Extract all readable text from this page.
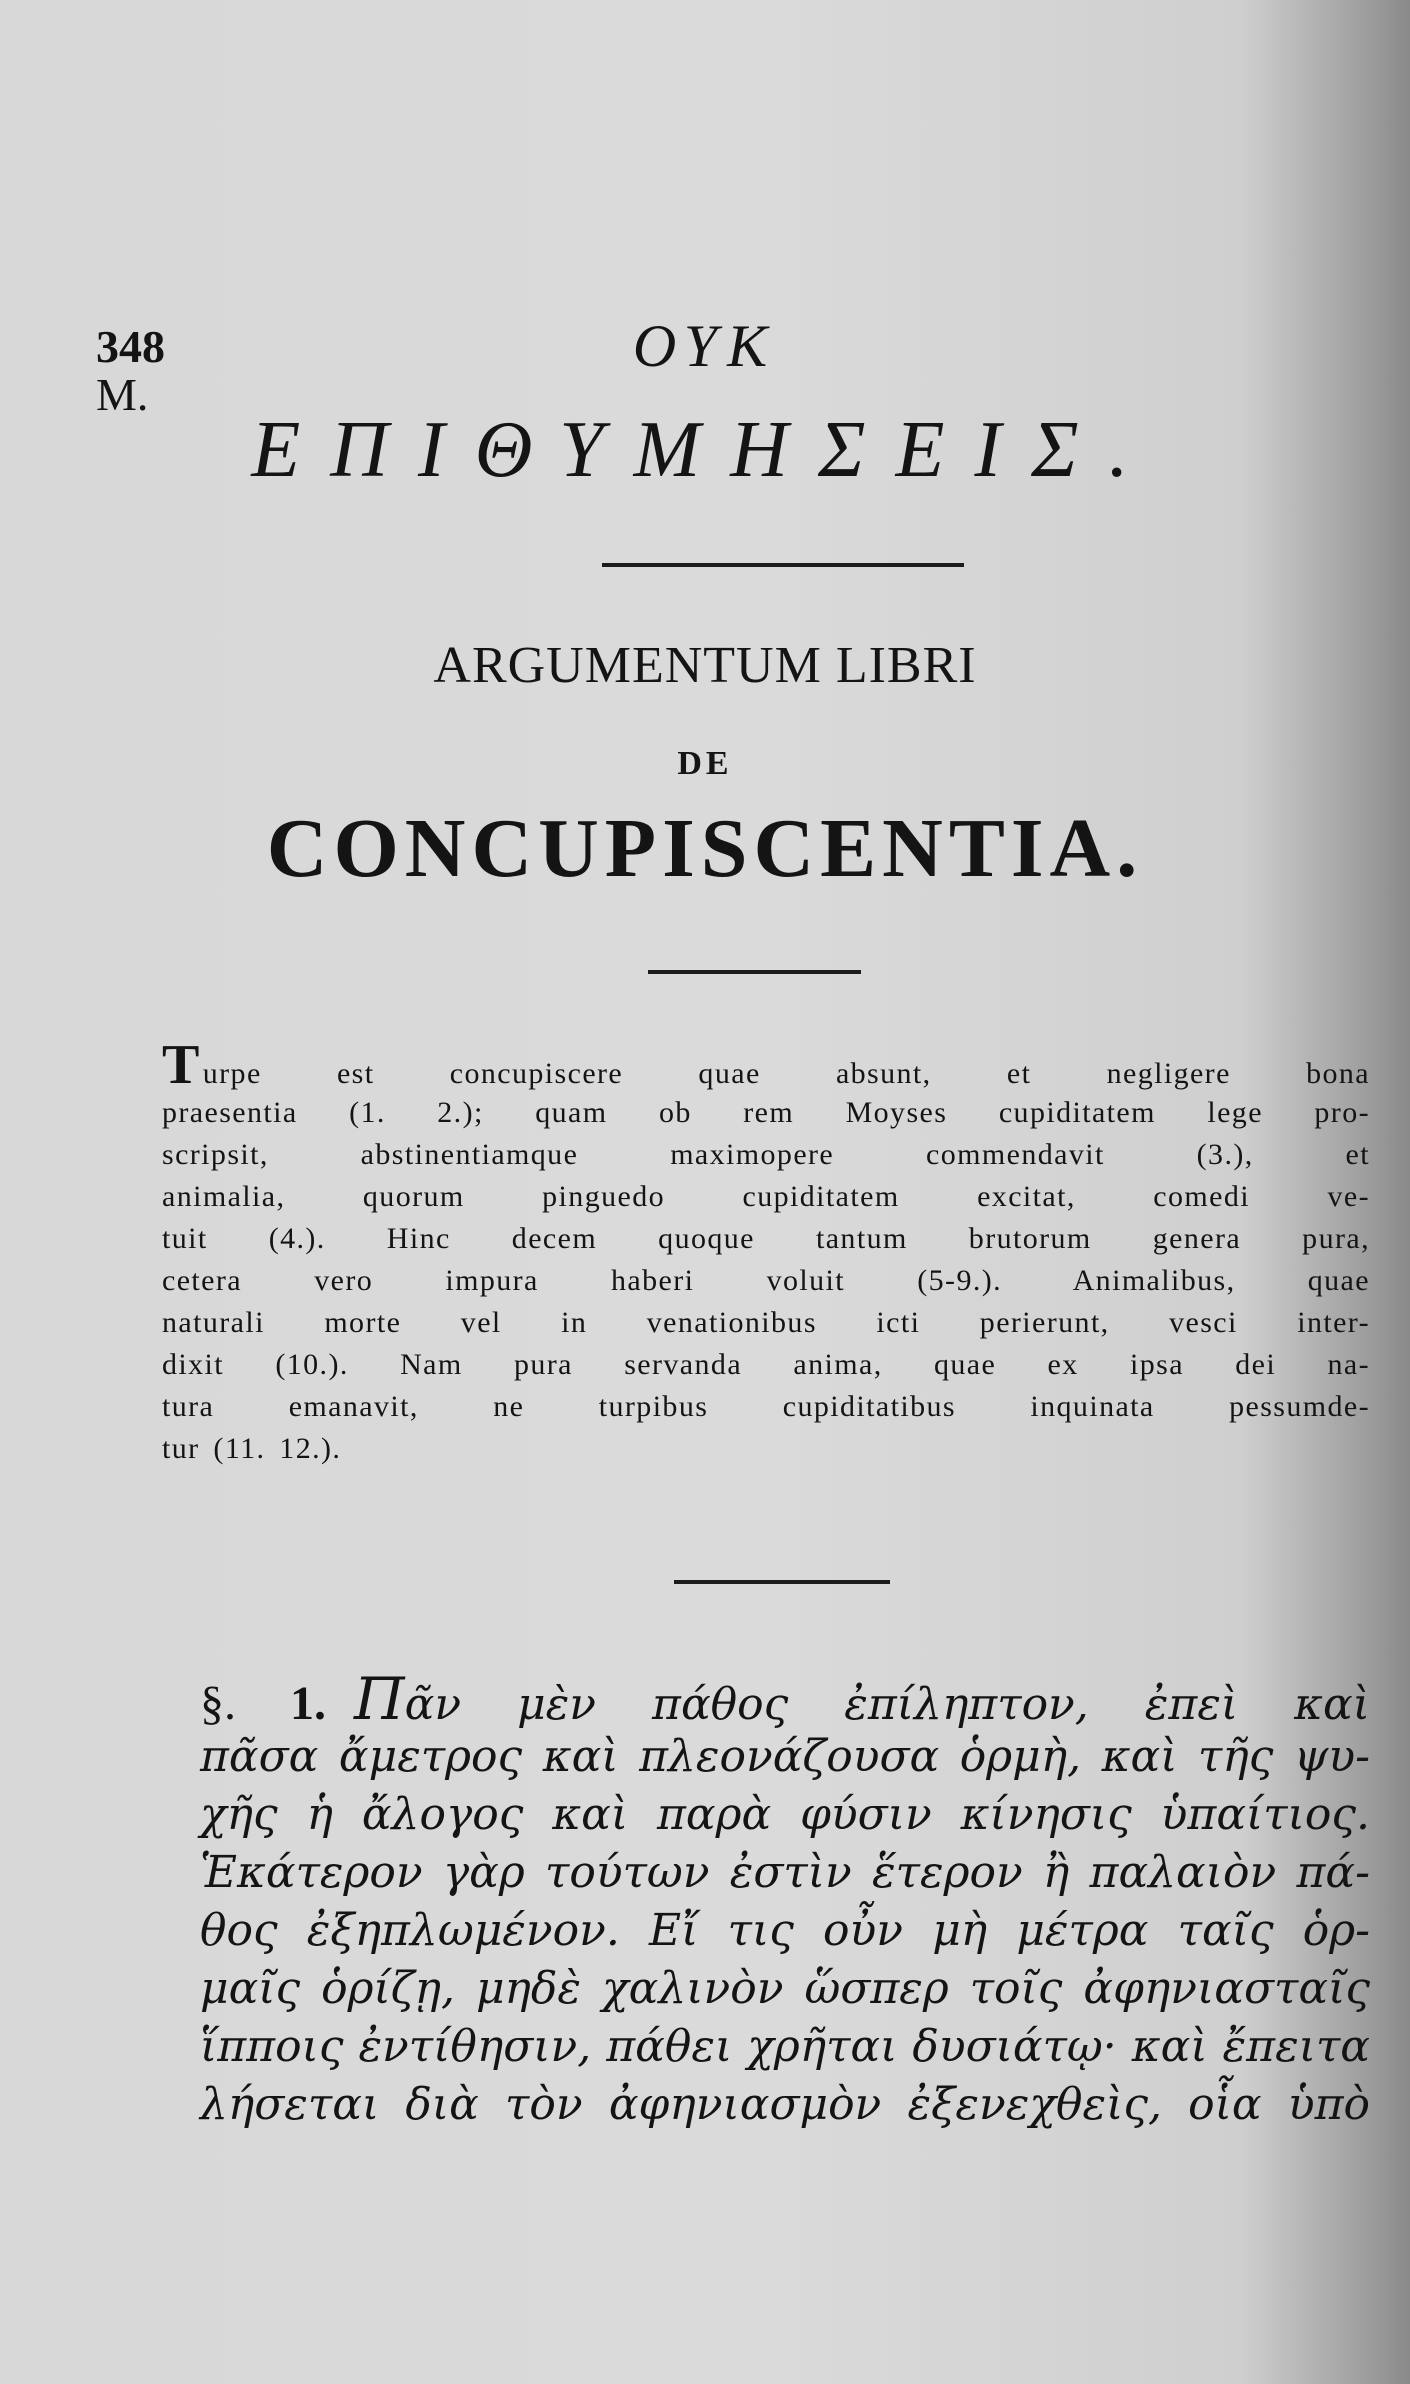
348
M.
ΟΥΚ
ΕΠΙΘΥΜΗΣΕΙΣ.
ARGUMENTUM LIBRI
DE
CONCUPISCENTIA.
Turpe est concupiscere quae absunt, et negligere bona
praesentia (1. 2.); quam ob rem Moyses cupiditatem lege pro-
scripsit, abstinentiamque maximopere commendavit (3.), et
animalia, quorum pinguedo cupiditatem excitat, comedi ve-
tuit (4.). Hinc decem quoque tantum brutorum genera pura,
cetera vero impura haberi voluit (5-9.). Animalibus, quae
naturali morte vel in venationibus icti perierunt, vesci inter-
dixit (10.). Nam pura servanda anima, quae ex ipsa dei na-
tura emanavit, ne turpibus cupiditatibus inquinata pessumde-
tur (11. 12.).
§. 1. Πᾶν μὲν πάθος ἐπίληπτον, ἐπεὶ καὶ
πᾶσα ἄμετρος καὶ πλεονάζουσα ὁρμὴ, καὶ τῆς ψυ-
χῆς ἡ ἄλογος καὶ παρὰ φύσιν κίνησις ὑπαίτιος.
Ἑκάτερον γὰρ τούτων ἐστὶν ἕτερον ἢ παλαιὸν πά-
θος ἐξηπλωμένον. Εἴ τις οὖν μὴ μέτρα ταῖς ὁρ-
μαῖς ὁρίζῃ, μηδὲ χαλινὸν ὥσπερ τοῖς ἀφηνιασταῖς
ἵπποις ἐντίθησιν, πάθει χρῆται δυσιάτῳ· καὶ ἔπειτα
λήσεται διὰ τὸν ἀφηνιασμὸν ἐξενεχθεὶς, οἷα ὑπὸ
